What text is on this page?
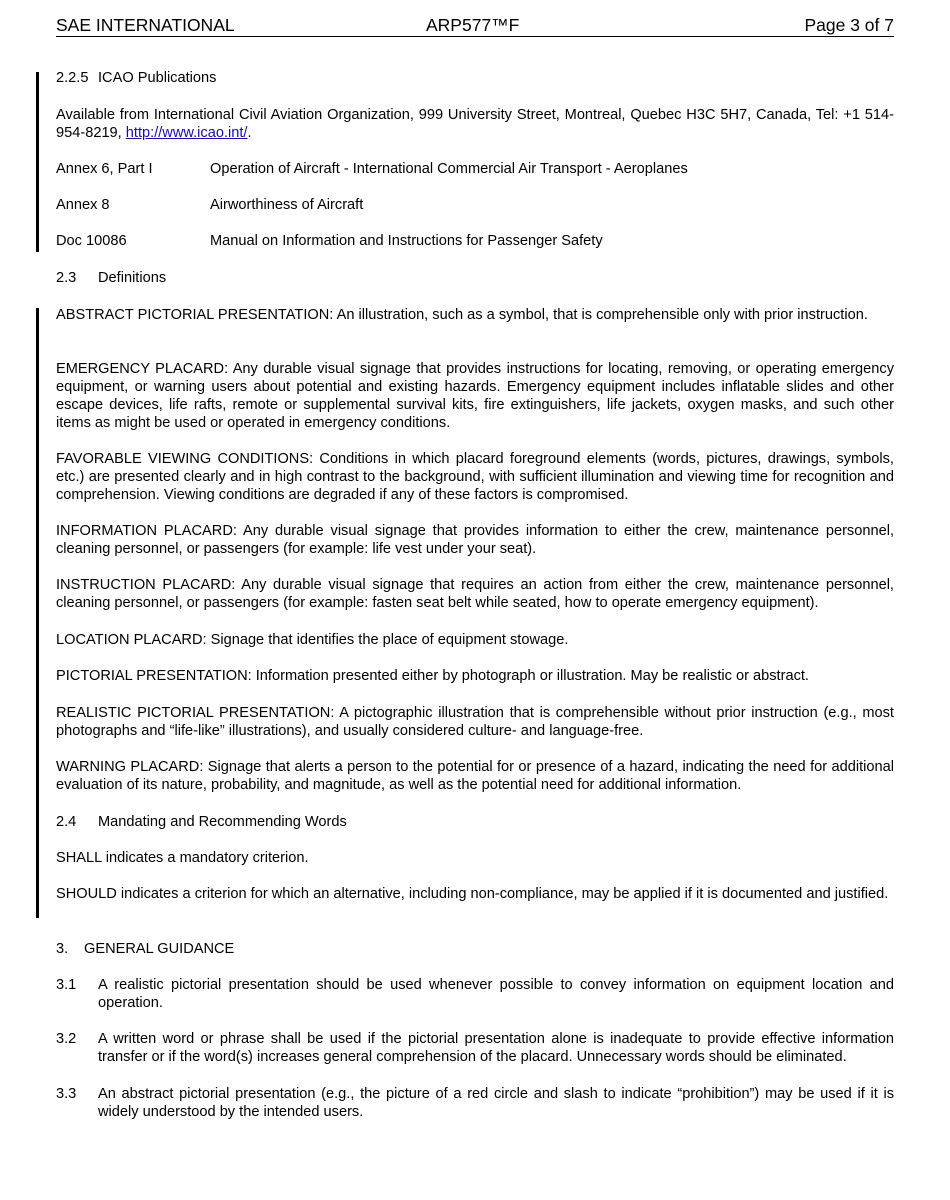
SAE INTERNATIONAL	ARP577™F	Page 3 of 7
2.2.5 ICAO Publications
Available from International Civil Aviation Organization, 999 University Street, Montreal, Quebec H3C 5H7, Canada, Tel: +1 514-954-8219, http://www.icao.int/.
Annex 6, Part I	Operation of Aircraft - International Commercial Air Transport - Aeroplanes
Annex 8	Airworthiness of Aircraft
Doc 10086	Manual on Information and Instructions for Passenger Safety
2.3 Definitions
ABSTRACT PICTORIAL PRESENTATION: An illustration, such as a symbol, that is comprehensible only with prior instruction.
EMERGENCY PLACARD: Any durable visual signage that provides instructions for locating, removing, or operating emergency equipment, or warning users about potential and existing hazards. Emergency equipment includes inflatable slides and other escape devices, life rafts, remote or supplemental survival kits, fire extinguishers, life jackets, oxygen masks, and such other items as might be used or operated in emergency conditions.
FAVORABLE VIEWING CONDITIONS: Conditions in which placard foreground elements (words, pictures, drawings, symbols, etc.) are presented clearly and in high contrast to the background, with sufficient illumination and viewing time for recognition and comprehension. Viewing conditions are degraded if any of these factors is compromised.
INFORMATION PLACARD: Any durable visual signage that provides information to either the crew, maintenance personnel, cleaning personnel, or passengers (for example: life vest under your seat).
INSTRUCTION PLACARD: Any durable visual signage that requires an action from either the crew, maintenance personnel, cleaning personnel, or passengers (for example: fasten seat belt while seated, how to operate emergency equipment).
LOCATION PLACARD: Signage that identifies the place of equipment stowage.
PICTORIAL PRESENTATION: Information presented either by photograph or illustration. May be realistic or abstract.
REALISTIC PICTORIAL PRESENTATION: A pictographic illustration that is comprehensible without prior instruction (e.g., most photographs and “life-like” illustrations), and usually considered culture- and language-free.
WARNING PLACARD: Signage that alerts a person to the potential for or presence of a hazard, indicating the need for additional evaluation of its nature, probability, and magnitude, as well as the potential need for additional information.
2.4 Mandating and Recommending Words
SHALL indicates a mandatory criterion.
SHOULD indicates a criterion for which an alternative, including non-compliance, may be applied if it is documented and justified.
3. GENERAL GUIDANCE
3.1 A realistic pictorial presentation should be used whenever possible to convey information on equipment location and operation.
3.2 A written word or phrase shall be used if the pictorial presentation alone is inadequate to provide effective information transfer or if the word(s) increases general comprehension of the placard. Unnecessary words should be eliminated.
3.3 An abstract pictorial presentation (e.g., the picture of a red circle and slash to indicate “prohibition”) may be used if it is widely understood by the intended users.
